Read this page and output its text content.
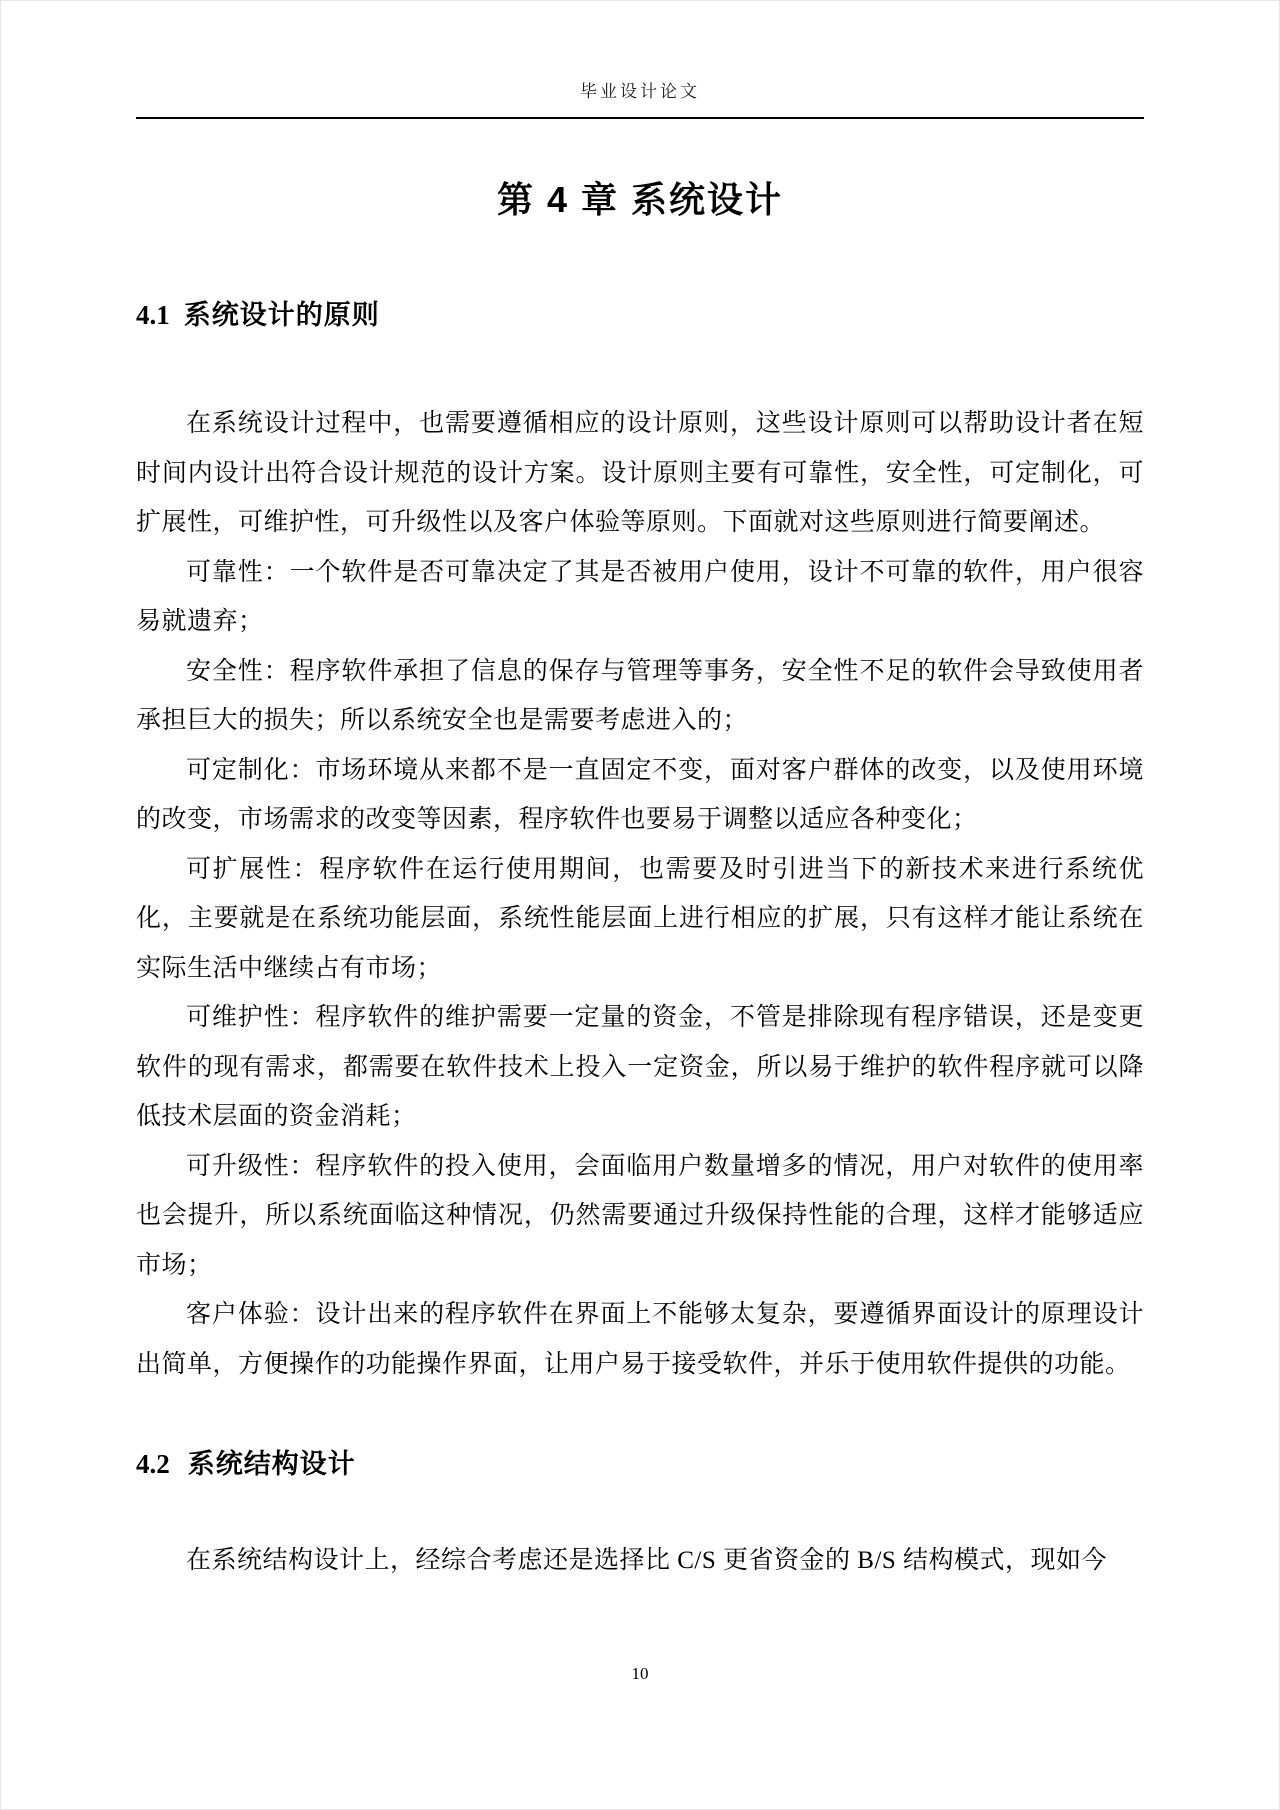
毕业设计论文
第 4 章 系统设计
4.1 系统设计的原则

在系统设计过程中，也需要遵循相应的设计原则，这些设计原则可以帮助设计者在短时间内设计出符合设计规范的设计方案。设计原则主要有可靠性，安全性，可定制化，可扩展性，可维护性，可升级性以及客户体验等原则。下面就对这些原则进行简要阐述。

可靠性：一个软件是否可靠决定了其是否被用户使用，设计不可靠的软件，用户很容易就遗弃；

安全性：程序软件承担了信息的保存与管理等事务，安全性不足的软件会导致使用者承担巨大的损失；所以系统安全也是需要考虑进入的；

可定制化：市场环境从来都不是一直固定不变，面对客户群体的改变，以及使用环境的改变，市场需求的改变等因素，程序软件也要易于调整以适应各种变化；

可扩展性：程序软件在运行使用期间，也需要及时引进当下的新技术来进行系统优化，主要就是在系统功能层面，系统性能层面上进行相应的扩展，只有这样才能让系统在实际生活中继续占有市场；

可维护性：程序软件的维护需要一定量的资金，不管是排除现有程序错误，还是变更软件的现有需求，都需要在软件技术上投入一定资金，所以易于维护的软件程序就可以降低技术层面的资金消耗；

可升级性：程序软件的投入使用，会面临用户数量增多的情况，用户对软件的使用率也会提升，所以系统面临这种情况，仍然需要通过升级保持性能的合理，这样才能够适应市场；

客户体验：设计出来的程序软件在界面上不能够太复杂，要遵循界面设计的原理设计出简单，方便操作的功能操作界面，让用户易于接受软件，并乐于使用软件提供的功能。

4.2 系统结构设计

在系统结构设计上，经综合考虑还是选择比 C/S 更省资金的 B/S 结构模式，现如今

10
